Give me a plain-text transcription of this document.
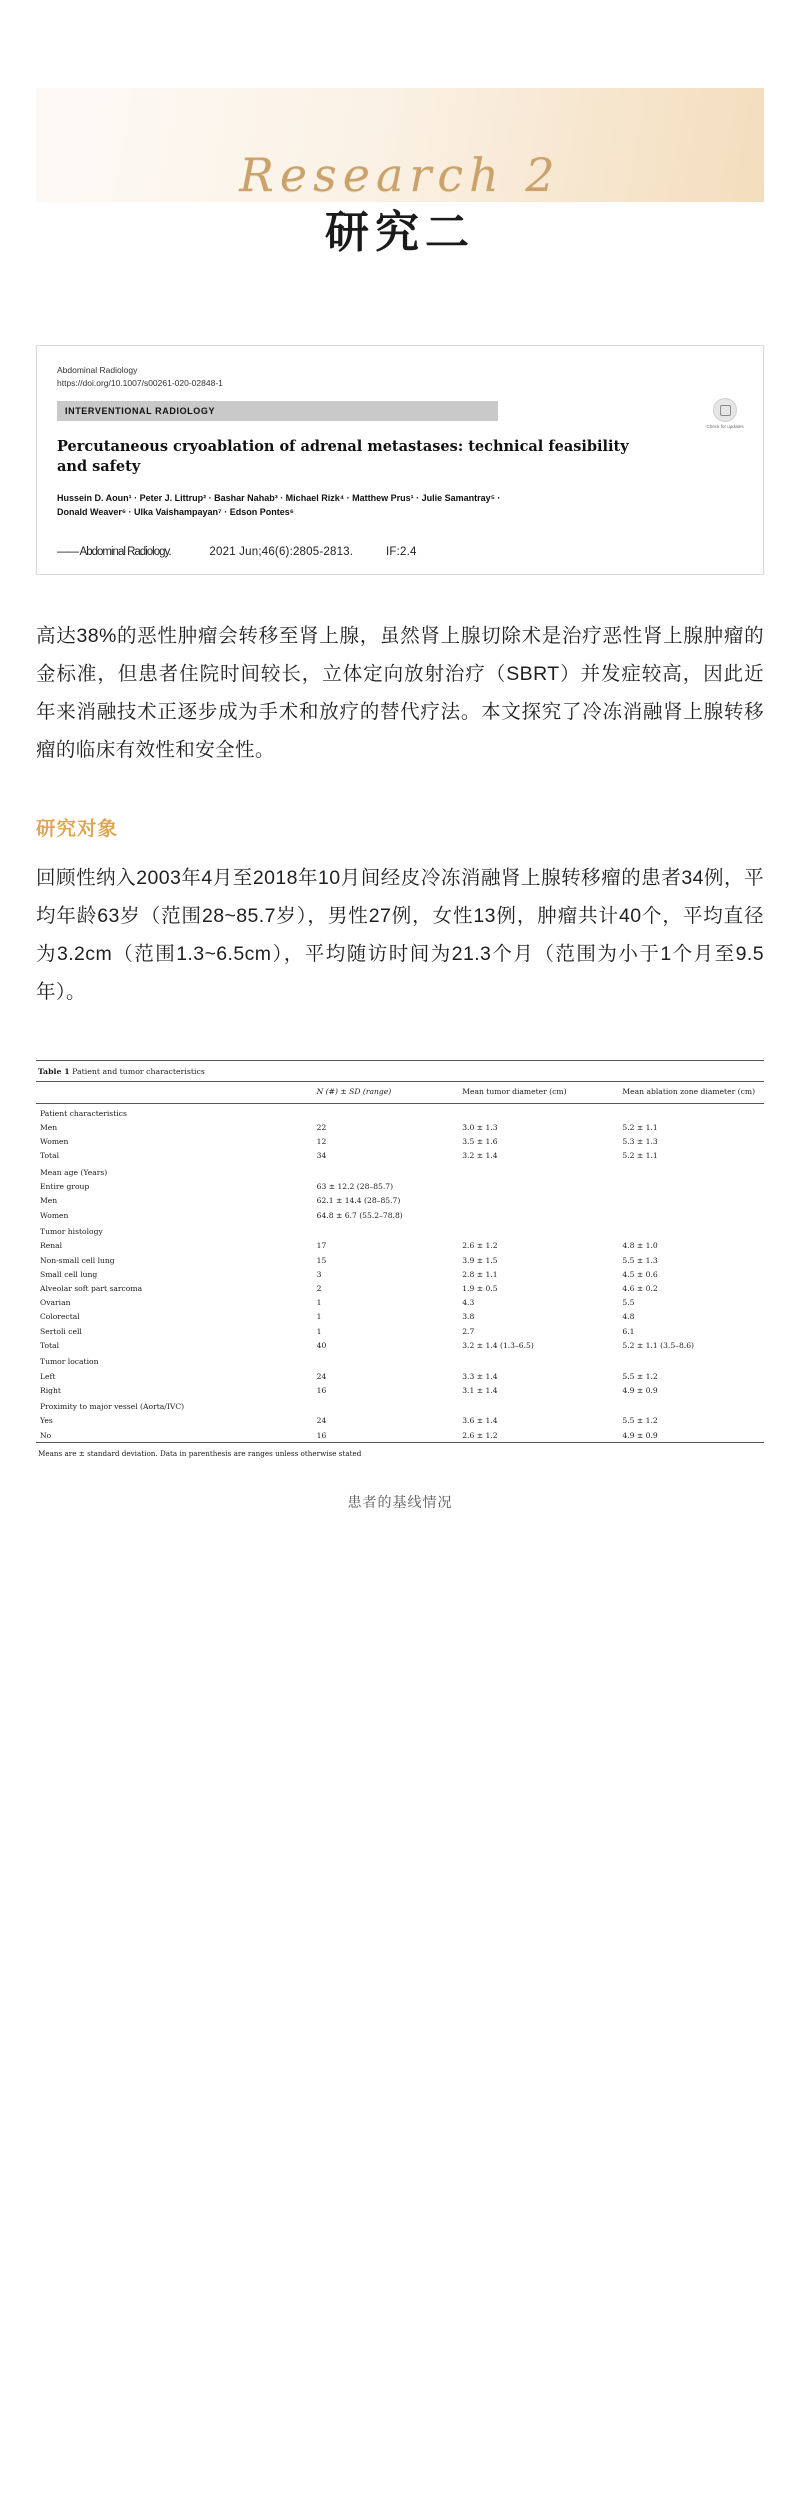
Research 2
研究二
Abdominal Radiology
https://doi.org/10.1007/s00261-020-02848-1
Check for updates
INTERVENTIONAL RADIOLOGY
Percutaneous cryoablation of adrenal metastases: technical feasibility and safety
Hussein D. Aoun¹ · Peter J. Littrup² · Bashar Nahab³ · Michael Rizk⁴ · Matthew Prus¹ · Julie Samantray⁵ ·
Donald Weaver⁶ · Ulka Vaishampayan⁷ · Edson Pontes⁶
—— Abdominal Radiology.	2021 Jun;46(6):2805-2813.	IF:2.4
高达38%的恶性肿瘤会转移至肾上腺，虽然肾上腺切除术是治疗恶性肾上腺肿瘤的金标准，但患者住院时间较长，立体定向放射治疗（SBRT）并发症较高，因此近年来消融技术正逐步成为手术和放疗的替代疗法。本文探究了冷冻消融肾上腺转移瘤的临床有效性和安全性。
研究对象
回顾性纳入2003年4月至2018年10月间经皮冷冻消融肾上腺转移瘤的患者34例，平均年龄63岁（范围28~85.7岁），男性27例，女性13例，肿瘤共计40个，平均直径为3.2cm（范围1.3~6.5cm），平均随访时间为21.3个月（范围为小于1个月至9.5年）。
Table 1 Patient and tumor characteristics
	N (#) ± SD (range)	Mean tumor diameter (cm)	Mean ablation zone diameter (cm)
Patient characteristics			
Men	22	3.0 ± 1.3	5.2 ± 1.1
Women	12	3.5 ± 1.6	5.3 ± 1.3
Total	34	3.2 ± 1.4	5.2 ± 1.1
Mean age (Years)			
Entire group	63 ± 12.2 (28–85.7)		
Men	62.1 ± 14.4 (28–85.7)		
Women	64.8 ± 6.7 (55.2–78.8)		
Tumor histology			
Renal	17	2.6 ± 1.2	4.8 ± 1.0
Non-small cell lung	15	3.9 ± 1.5	5.5 ± 1.3
Small cell lung	3	2.8 ± 1.1	4.5 ± 0.6
Alveolar soft part sarcoma	2	1.9 ± 0.5	4.6 ± 0.2
Ovarian	1	4.3	5.5
Colorectal	1	3.8	4.8
Sertoli cell	1	2.7	6.1
Total	40	3.2 ± 1.4 (1.3–6.5)	5.2 ± 1.1 (3.5–8.6)
Tumor location			
Left	24	3.3 ± 1.4	5.5 ± 1.2
Right	16	3.1 ± 1.4	4.9 ± 0.9
Proximity to major vessel (Aorta/IVC)			
Yes	24	3.6 ± 1.4	5.5 ± 1.2
No	16	2.6 ± 1.2	4.9 ± 0.9
Means are ± standard deviation. Data in parenthesis are ranges unless otherwise stated
患者的基线情况
